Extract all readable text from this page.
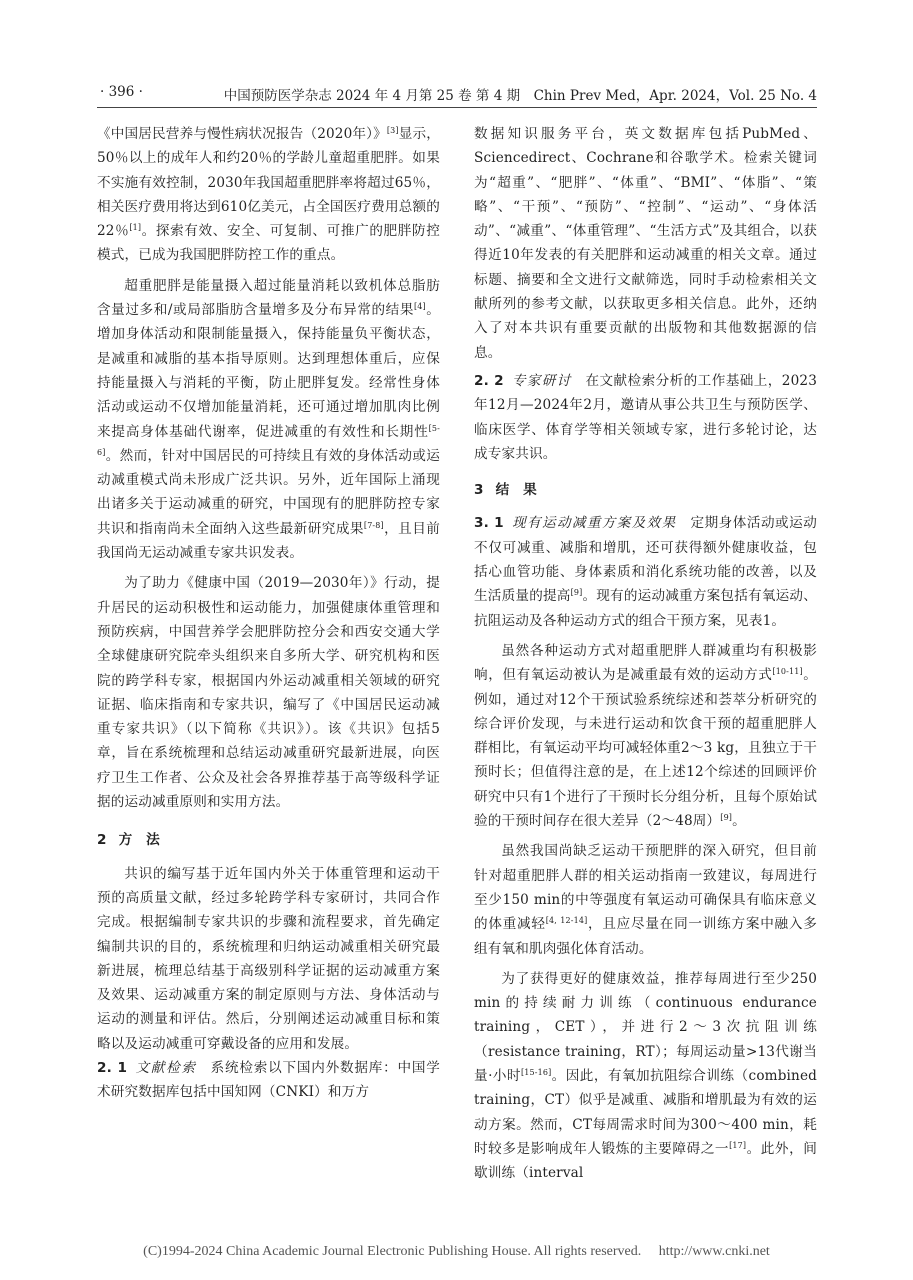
· 396 ·	中国预防医学杂志 2024 年 4 月第 25 卷 第 4 期　Chin Prev Med，Apr. 2024，Vol. 25 No. 4

《中国居民营养与慢性病状况报告（2020年）》[3]显示，50％以上的成年人和约20％的学龄儿童超重肥胖。如果不实施有效控制，2030年我国超重肥胖率将超过65％，相关医疗费用将达到610亿美元，占全国医疗费用总额的22％[1]。探索有效、安全、可复制、可推广的肥胖防控模式，已成为我国肥胖防控工作的重点。

超重肥胖是能量摄入超过能量消耗以致机体总脂肪含量过多和/或局部脂肪含量增多及分布异常的结果[4]。增加身体活动和限制能量摄入，保持能量负平衡状态，是减重和减脂的基本指导原则。达到理想体重后，应保持能量摄入与消耗的平衡，防止肥胖复发。经常性身体活动或运动不仅增加能量消耗，还可通过增加肌肉比例来提高身体基础代谢率，促进减重的有效性和长期性[5-6]。然而，针对中国居民的可持续且有效的身体活动或运动减重模式尚未形成广泛共识。另外，近年国际上涌现出诸多关于运动减重的研究，中国现有的肥胖防控专家共识和指南尚未全面纳入这些最新研究成果[7-8]，且目前我国尚无运动减重专家共识发表。

为了助力《健康中国（2019—2030年）》行动，提升居民的运动积极性和运动能力，加强健康体重管理和预防疾病，中国营养学会肥胖防控分会和西安交通大学全球健康研究院牵头组织来自多所大学、研究机构和医院的跨学科专家，根据国内外运动减重相关领域的研究证据、临床指南和专家共识，编写了《中国居民运动减重专家共识》（以下简称《共识》）。该《共识》包括5章，旨在系统梳理和总结运动减重研究最新进展，向医疗卫生工作者、公众及社会各界推荐基于高等级科学证据的运动减重原则和实用方法。

2 方　法

共识的编写基于近年国内外关于体重管理和运动干预的高质量文献，经过多轮跨学科专家研讨，共同合作完成。根据编制专家共识的步骤和流程要求，首先确定编制共识的目的，系统梳理和归纳运动减重相关研究最新进展，梳理总结基于高级别科学证据的运动减重方案及效果、运动减重方案的制定原则与方法、身体活动与运动的测量和评估。然后，分别阐述运动减重目标和策略以及运动减重可穿戴设备的应用和发展。

2. 1 文献检索 系统检索以下国内外数据库：中国学术研究数据库包括中国知网（CNKI）和万方

数据知识服务平台，英文数据库包括PubMed、Sciencedirect、Cochrane和谷歌学术。检索关键词为“超重”、“肥胖”、“体重”、“BMI”、“体脂”、“策略”、“干预”、“预防”、“控制”、“运动”、“身体活动”、“减重”、“体重管理”、“生活方式”及其组合，以获得近10年发表的有关肥胖和运动减重的相关文章。通过标题、摘要和全文进行文献筛选，同时手动检索相关文献所列的参考文献，以获取更多相关信息。此外，还纳入了对本共识有重要贡献的出版物和其他数据源的信息。

2. 2 专家研讨 在文献检索分析的工作基础上，2023年12月—2024年2月，邀请从事公共卫生与预防医学、临床医学、体育学等相关领域专家，进行多轮讨论，达成专家共识。

3 结　果

3. 1 现有运动减重方案及效果 定期身体活动或运动不仅可减重、减脂和增肌，还可获得额外健康收益，包括心血管功能、身体素质和消化系统功能的改善，以及生活质量的提高[9]。现有的运动减重方案包括有氧运动、抗阻运动及各种运动方式的组合干预方案，见表1。

虽然各种运动方式对超重肥胖人群减重均有积极影响，但有氧运动被认为是减重最有效的运动方式[10-11]。例如，通过对12个干预试验系统综述和荟萃分析研究的综合评价发现，与未进行运动和饮食干预的超重肥胖人群相比，有氧运动平均可减轻体重2～3 kg，且独立于干预时长；但值得注意的是，在上述12个综述的回顾评价研究中只有1个进行了干预时长分组分析，且每个原始试验的干预时间存在很大差异（2～48周）[9]。

虽然我国尚缺乏运动干预肥胖的深入研究，但目前针对超重肥胖人群的相关运动指南一致建议，每周进行至少150 min的中等强度有氧运动可确保具有临床意义的体重减轻[4, 12-14]，且应尽量在同一训练方案中融入多组有氧和肌肉强化体育活动。

为了获得更好的健康效益，推荐每周进行至少250 min的持续耐力训练（continuous endurance training，CET），并进行2～3次抗阻训练（resistance training，RT）；每周运动量>13代谢当量·小时[15-16]。因此，有氧加抗阻综合训练（combined training，CT）似乎是减重、减脂和增肌最为有效的运动方案。然而，CT每周需求时间为300～400 min，耗时较多是影响成年人锻炼的主要障碍之一[17]。此外，间歇训练（interval

(C)1994-2024 China Academic Journal Electronic Publishing House. All rights reserved.　 http://www.cnki.net
